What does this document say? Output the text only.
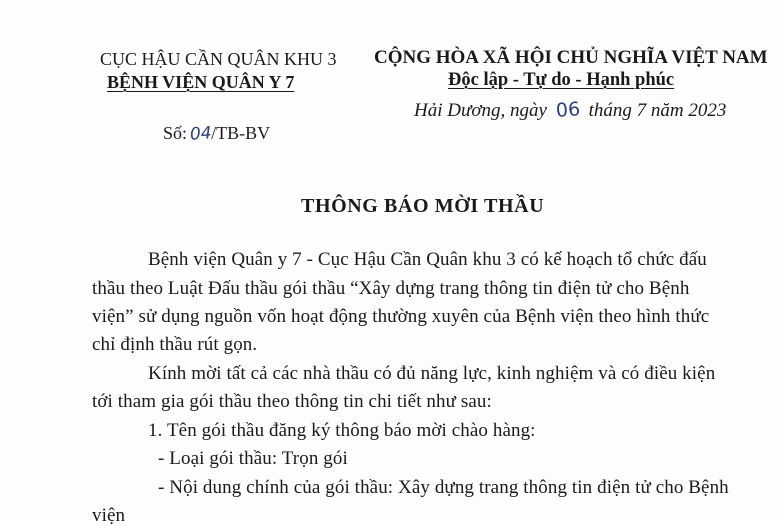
CỤC HẬU CẦN QUÂN KHU 3
BỆNH VIỆN QUÂN Y 7
Số: 04/TB-BV
CỘNG HÒA XÃ HỘI CHỦ NGHĨA VIỆT NAM
Độc lập - Tự do - Hạnh phúc
Hải Dương, ngày 06 tháng 7 năm 2023
THÔNG BÁO MỜI THẦU
Bệnh viện Quân y 7 - Cục Hậu Cần Quân khu 3 có kế hoạch tổ chức đấu
thầu theo Luật Đấu thầu gói thầu “Xây dựng trang thông tin điện tử cho Bệnh
viện” sử dụng nguồn vốn hoạt động thường xuyên của Bệnh viện theo hình thức
chỉ định thầu rút gọn.
Kính mời tất cả các nhà thầu có đủ năng lực, kinh nghiệm và có điều kiện
tới tham gia gói thầu theo thông tin chi tiết như sau:
1. Tên gói thầu đăng ký thông báo mời chào hàng:
- Loại gói thầu: Trọn gói
- Nội dung chính của gói thầu: Xây dựng trang thông tin điện tử cho Bệnh
viện
